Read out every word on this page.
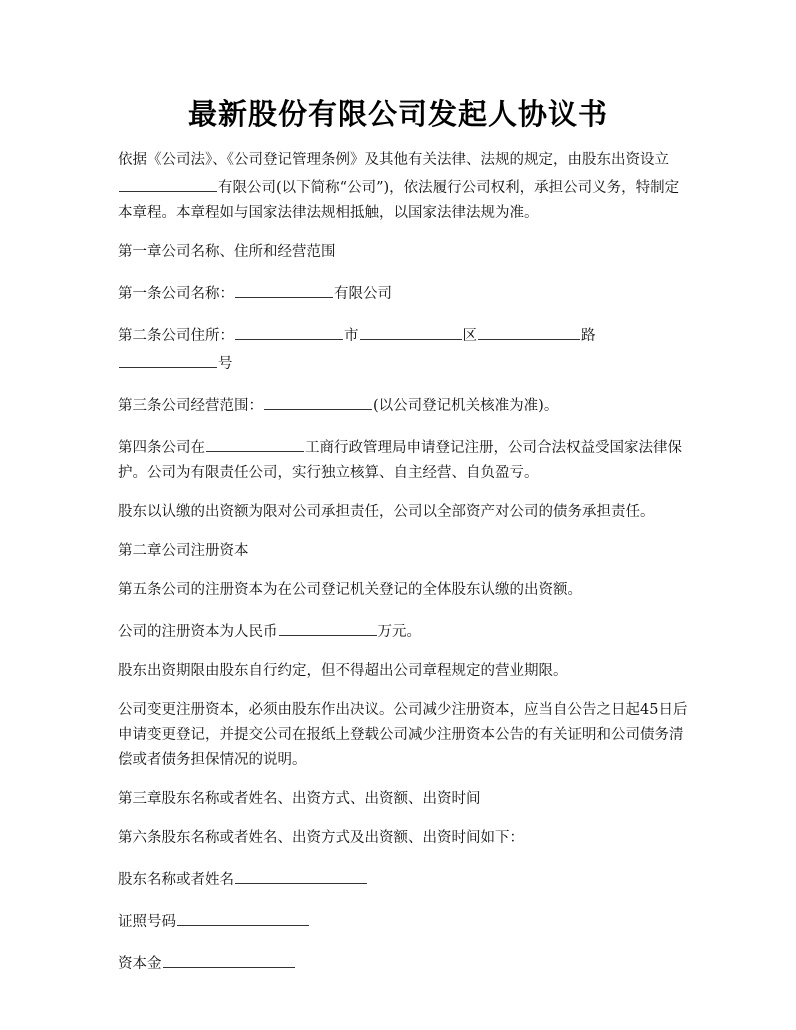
最新股份有限公司发起人协议书

依据《公司法》、《公司登记管理条例》及其他有关法律、法规的规定，由股东出资设立有限公司(以下简称“公司”)，依法履行公司权利，承担公司义务，特制定本章程。本章程如与国家法律法规相抵触，以国家法律法规为准。

第一章公司名称、住所和经营范围

第一条公司名称：	有限公司

第二条公司住所：	市	区	路
号

第三条公司经营范围：	(以公司登记机关核准为准)。

第四条公司在	工商行政管理局申请登记注册，公司合法权益受国家法律保护。公司为有限责任公司，实行独立核算、自主经营、自负盈亏。

股东以认缴的出资额为限对公司承担责任，公司以全部资产对公司的债务承担责任。

第二章公司注册资本

第五条公司的注册资本为在公司登记机关登记的全体股东认缴的出资额。

公司的注册资本为人民币	万元。

股东出资期限由股东自行约定，但不得超出公司章程规定的营业期限。

公司变更注册资本，必须由股东作出决议。公司减少注册资本，应当自公告之日起45日后申请变更登记，并提交公司在报纸上登载公司减少注册资本公告的有关证明和公司债务清偿或者债务担保情况的说明。

第三章股东名称或者姓名、出资方式、出资额、出资时间

第六条股东名称或者姓名、出资方式及出资额、出资时间如下：

股东名称或者姓名

证照号码

资本金
